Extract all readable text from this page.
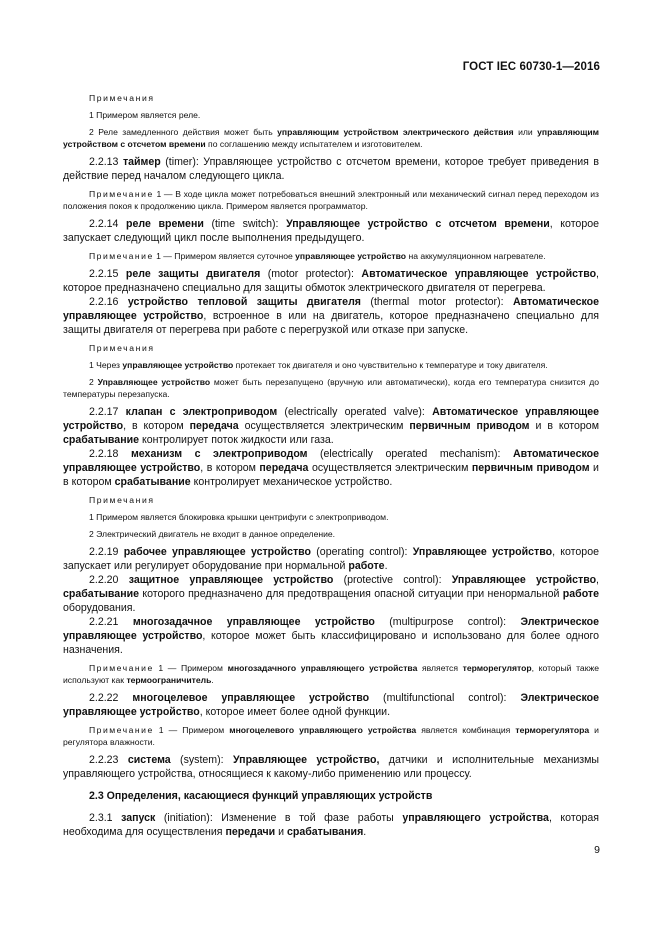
ГОСТ IEC 60730-1—2016

Примечания

1 Примером является реле.

2 Реле замедленного действия может быть управляющим устройством электрического действия или управляющим устройством с отсчетом времени по соглашению между испытателем и изготовителем.

2.2.13 таймер (timer): Управляющее устройство с отсчетом времени, которое требует приведения в действие перед началом следующего цикла.

Примечание 1 — В ходе цикла может потребоваться внешний электронный или механический сигнал перед переходом из положения покоя к продолжению цикла. Примером является программатор.

2.2.14 реле времени (time switch): Управляющее устройство с отсчетом времени, которое запускает следующий цикл после выполнения предыдущего.

Примечание 1 — Примером является суточное управляющее устройство на аккумуляционном нагревателе.

2.2.15 реле защиты двигателя (motor protector): Автоматическое управляющее устройство, которое предназначено специально для защиты обмоток электрического двигателя от перегрева.

2.2.16 устройство тепловой защиты двигателя (thermal motor protector): Автоматическое управляющее устройство, встроенное в или на двигатель, которое предназначено специально для защиты двигателя от перегрева при работе с перегрузкой или отказе при запуске.

Примечания

1 Через управляющее устройство протекает ток двигателя и оно чувствительно к температуре и току двигателя.

2 Управляющее устройство может быть перезапущено (вручную или автоматически), когда его температура снизится до температуры перезапуска.

2.2.17 клапан с электроприводом (electrically operated valve): Автоматическое управляющее устройство, в котором передача осуществляется электрическим первичным приводом и в котором срабатывание контролирует поток жидкости или газа.

2.2.18 механизм с электроприводом (electrically operated mechanism): Автоматическое управляющее устройство, в котором передача осуществляется электрическим первичным приводом и в котором срабатывание контролирует механическое устройство.

Примечания

1 Примером является блокировка крышки центрифуги с электроприводом.

2 Электрический двигатель не входит в данное определение.

2.2.19 рабочее управляющее устройство (operating control): Управляющее устройство, которое запускает или регулирует оборудование при нормальной работе.

2.2.20 защитное управляющее устройство (protective control): Управляющее устройство, срабатывание которого предназначено для предотвращения опасной ситуации при ненормальной работе оборудования.

2.2.21 многозадачное управляющее устройство (multipurpose control): Электрическое управляющее устройство, которое может быть классифицировано и использовано для более одного назначения.

Примечание 1 — Примером многозадачного управляющего устройства является терморегулятор, который также используют как термоограничитель.

2.2.22 многоцелевое управляющее устройство (multifunctional control): Электрическое управляющее устройство, которое имеет более одной функции.

Примечание 1 — Примером многоцелевого управляющего устройства является комбинация терморегулятора и регулятора влажности.

2.2.23 система (system): Управляющее устройство, датчики и исполнительные механизмы управляющего устройства, относящиеся к какому-либо применению или процессу.

2.3 Определения, касающиеся функций управляющих устройств

2.3.1 запуск (initiation): Изменение в той фазе работы управляющего устройства, которая необходима для осуществления передачи и срабатывания.

9
